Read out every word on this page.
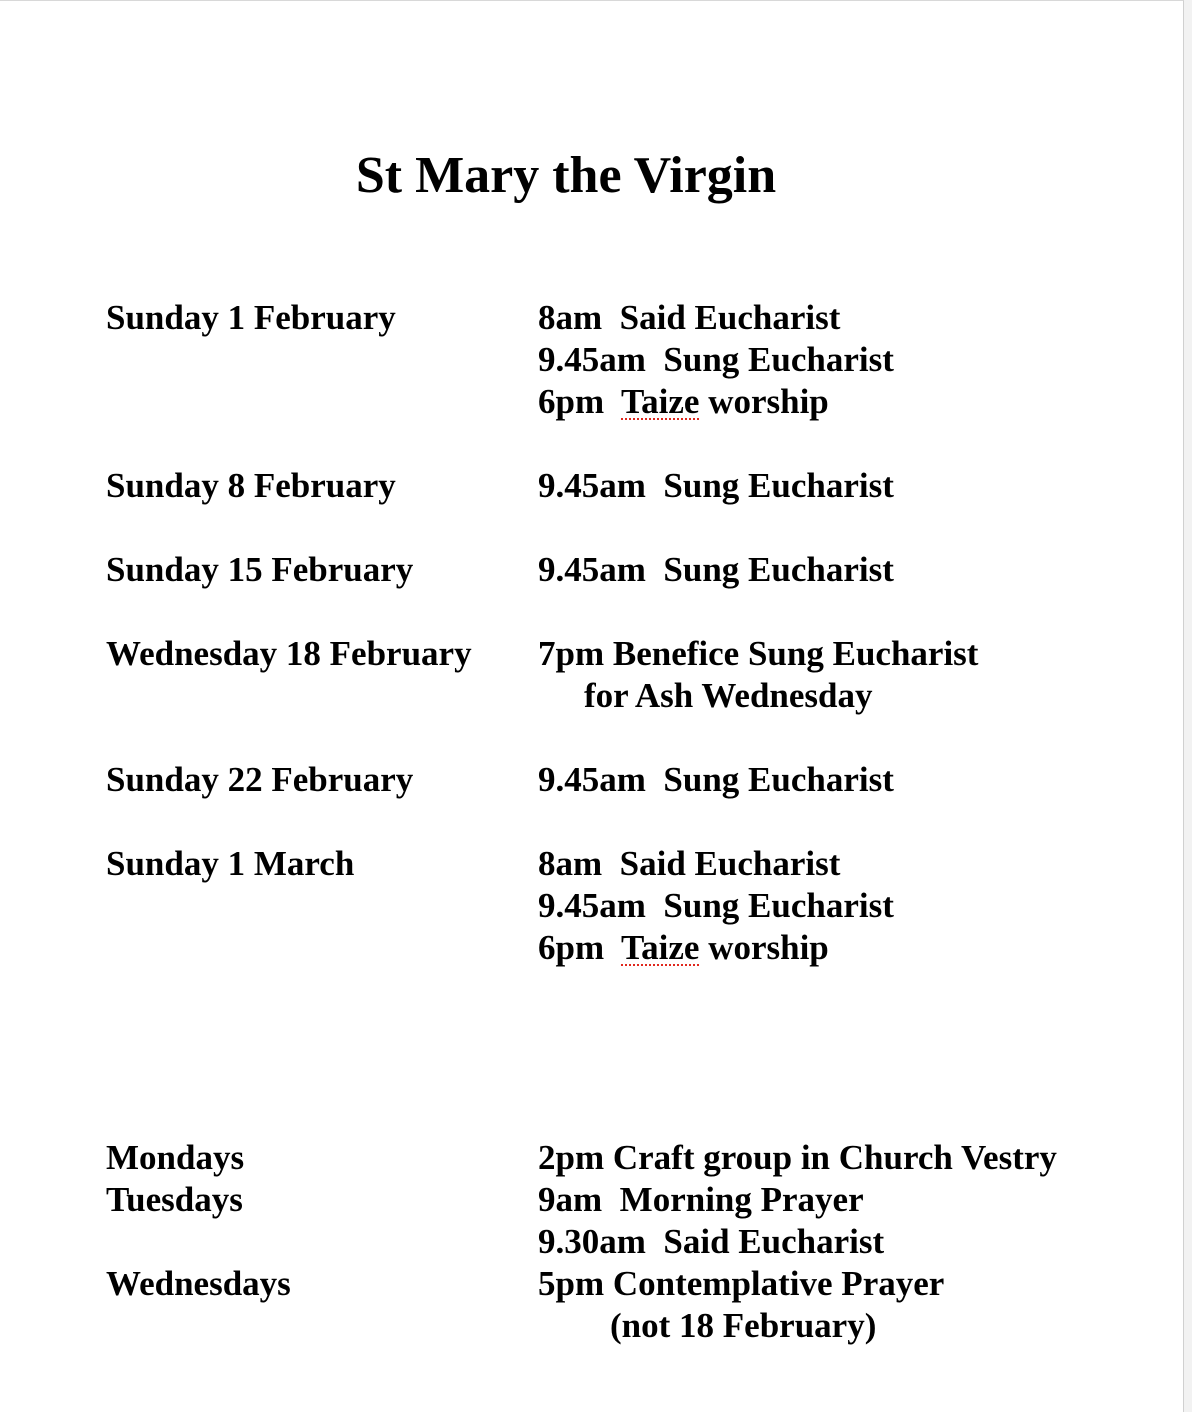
St Mary the Virgin
Sunday 1 February	8am  Said Eucharist
9.45am  Sung Eucharist
6pm  Taize worship
Sunday 8 February	9.45am  Sung Eucharist
Sunday 15 February	9.45am  Sung Eucharist
Wednesday 18 February 7pm Benefice Sung Eucharist
for Ash Wednesday
Sunday 22 February	9.45am  Sung Eucharist
Sunday 1 March	8am  Said Eucharist
9.45am  Sung Eucharist
6pm  Taize worship
Mondays	2pm Craft group in Church Vestry
Tuesdays	9am  Morning Prayer
9.30am  Said Eucharist
Wednesdays	5pm Contemplative Prayer
(not 18 February)
